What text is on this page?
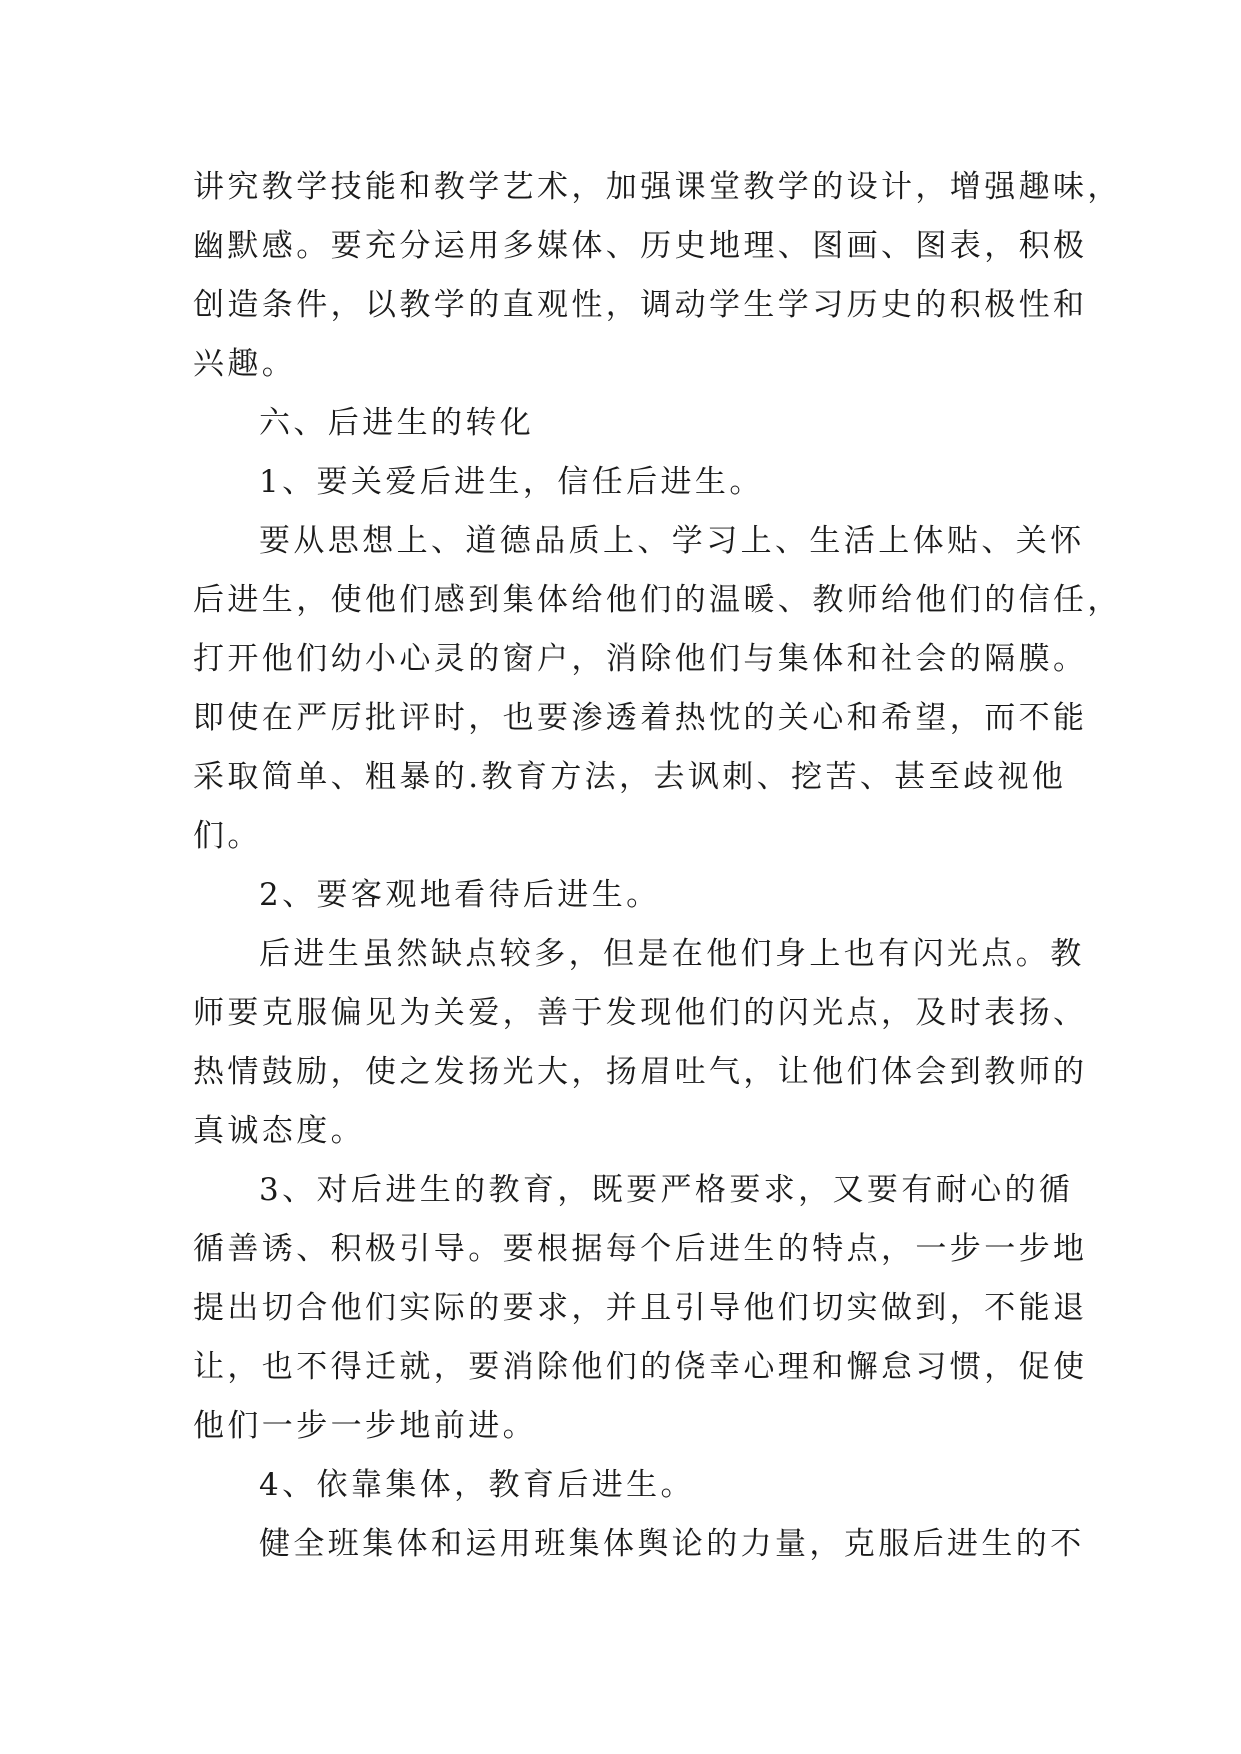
讲究教学技能和教学艺术，加强课堂教学的设计，增强趣味，
幽默感。要充分运用多媒体、历史地理、图画、图表，积极
创造条件，以教学的直观性，调动学生学习历史的积极性和
兴趣。
六、后进生的转化
1、要关爱后进生，信任后进生。
要从思想上、道德品质上、学习上、生活上体贴、关怀
后进生，使他们感到集体给他们的温暖、教师给他们的信任，
打开他们幼小心灵的窗户，消除他们与集体和社会的隔膜。
即使在严厉批评时，也要渗透着热忱的关心和希望，而不能
采取简单、粗暴的.教育方法，去讽刺、挖苦、甚至歧视他
们。
2、要客观地看待后进生。
后进生虽然缺点较多，但是在他们身上也有闪光点。教
师要克服偏见为关爱，善于发现他们的闪光点，及时表扬、
热情鼓励，使之发扬光大，扬眉吐气，让他们体会到教师的
真诚态度。
3、对后进生的教育，既要严格要求，又要有耐心的循
循善诱、积极引导。要根据每个后进生的特点，一步一步地
提出切合他们实际的要求，并且引导他们切实做到，不能退
让，也不得迁就，要消除他们的侥幸心理和懈怠习惯，促使
他们一步一步地前进。
4、依靠集体，教育后进生。
健全班集体和运用班集体舆论的力量，克服后进生的不
